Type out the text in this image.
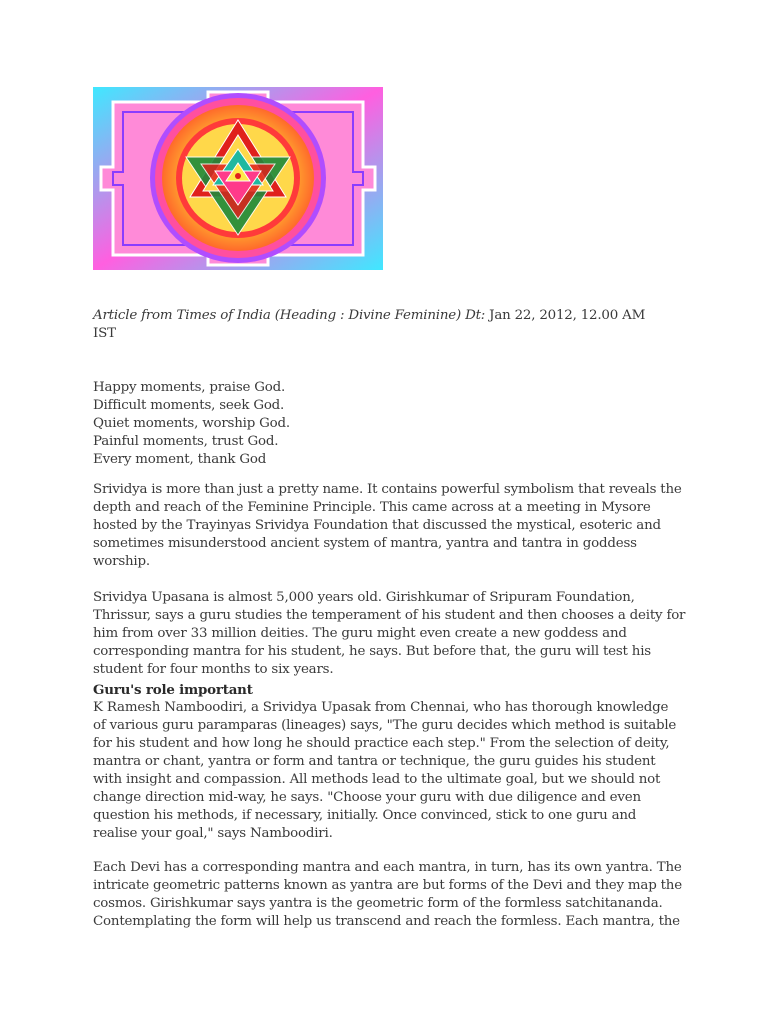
Article from Times of India (Heading : Divine Feminine) Dt: Jan 22, 2012, 12.00 AM
IST
Happy moments, praise God.
Difficult moments, seek God.
Quiet moments, worship God.
Painful moments, trust God.
Every moment, thank God
Srividya is more than just a pretty name. It contains powerful symbolism that reveals the
depth and reach of the Feminine Principle. This came across at a meeting in Mysore
hosted by the Trayinyas Srividya Foundation that discussed the mystical, esoteric and
sometimes misunderstood ancient system of mantra, yantra and tantra in goddess
worship.
Srividya Upasana is almost 5,000 years old. Girishkumar of Sripuram Foundation,
Thrissur, says a guru studies the temperament of his student and then chooses a deity for
him from over 33 million deities. The guru might even create a new goddess and
corresponding mantra for his student, he says. But before that, the guru will test his
student for four months to six years.
Guru's role important
K Ramesh Namboodiri, a Srividya Upasak from Chennai, who has thorough knowledge
of various guru paramparas (lineages) says, "The guru decides which method is suitable
for his student and how long he should practice each step." From the selection of deity,
mantra or chant, yantra or form and tantra or technique, the guru guides his student
with insight and compassion. All methods lead to the ultimate goal, but we should not
change direction mid-way, he says. "Choose your guru with due diligence and even
question his methods, if necessary, initially. Once convinced, stick to one guru and
realise your goal," says Namboodiri.
Each Devi has a corresponding mantra and each mantra, in turn, has its own yantra. The
intricate geometric patterns known as yantra are but forms of the Devi and they map the
cosmos. Girishkumar says yantra is the geometric form of the formless satchitananda.
Contemplating the form will help us transcend and reach the formless. Each mantra, the
